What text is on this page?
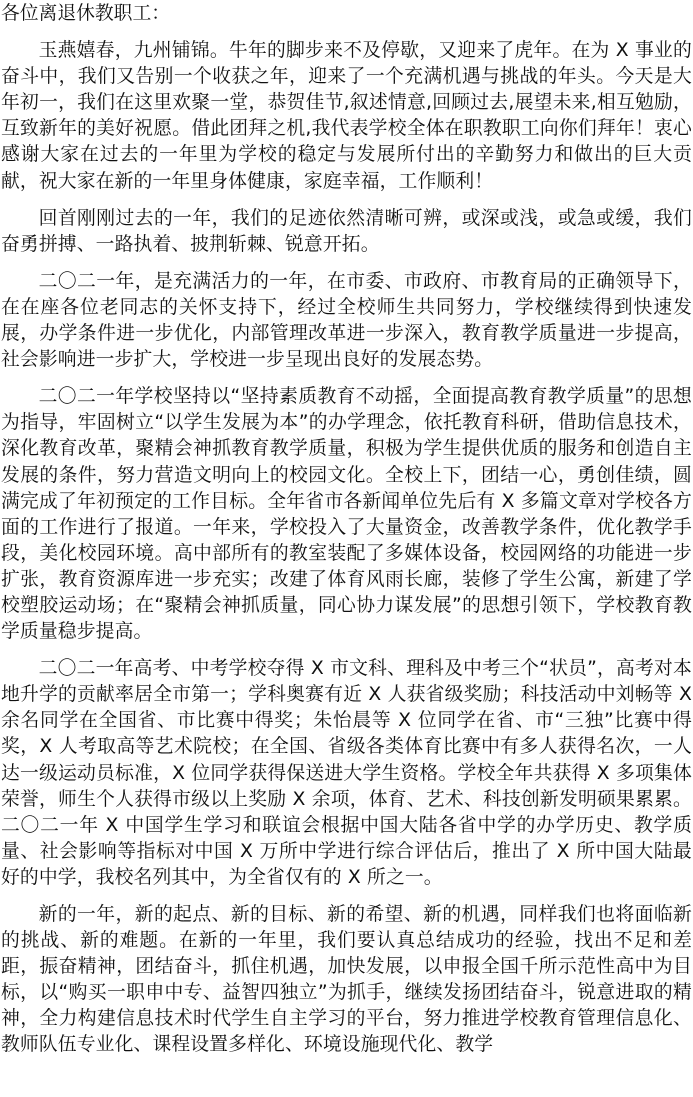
各位离退休教职工：

玉燕嬉春，九州铺锦。牛年的脚步来不及停歇，又迎来了虎年。在为 X 事业的奋斗中，我们又告别一个收获之年，迎来了一个充满机遇与挑战的年头。今天是大年初一，我们在这里欢聚一堂，恭贺佳节,叙述情意,回顾过去,展望未来,相互勉励，互致新年的美好祝愿。借此团拜之机,我代表学校全体在职教职工向你们拜年！衷心感谢大家在过去的一年里为学校的稳定与发展所付出的辛勤努力和做出的巨大贡献，祝大家在新的一年里身体健康，家庭幸福，工作顺利！

回首刚刚过去的一年，我们的足迹依然清晰可辨，或深或浅，或急或缓，我们奋勇拼搏、一路执着、披荆斩棘、锐意开拓。

二〇二一年，是充满活力的一年，在市委、市政府、市教育局的正确领导下，在在座各位老同志的关怀支持下，经过全校师生共同努力，学校继续得到快速发展，办学条件进一步优化，内部管理改革进一步深入，教育教学质量进一步提高，社会影响进一步扩大，学校进一步呈现出良好的发展态势。

二〇二一年学校坚持以“坚持素质教育不动摇，全面提高教育教学质量”的思想为指导，牢固树立“以学生发展为本”的办学理念，依托教育科研，借助信息技术，深化教育改革，聚精会神抓教育教学质量，积极为学生提供优质的服务和创造自主发展的条件，努力营造文明向上的校园文化。全校上下，团结一心，勇创佳绩，圆满完成了年初预定的工作目标。全年省市各新闻单位先后有 X 多篇文章对学校各方面的工作进行了报道。一年来，学校投入了大量资金，改善教学条件，优化教学手段，美化校园环境。高中部所有的教室装配了多媒体设备，校园网络的功能进一步扩张，教育资源库进一步充实；改建了体育风雨长廊，装修了学生公寓，新建了学校塑胶运动场；在“聚精会神抓质量，同心协力谋发展”的思想引领下，学校教育教学质量稳步提高。

二〇二一年高考、中考学校夺得 X 市文科、理科及中考三个“状员”，高考对本地升学的贡献率居全市第一；学科奥赛有近 X 人获省级奖励；科技活动中刘畅等 X 余名同学在全国省、市比赛中得奖；朱怡晨等 X 位同学在省、市“三独”比赛中得奖，X 人考取高等艺术院校；在全国、省级各类体育比赛中有多人获得名次，一人达一级运动员标准，X 位同学获得保送进大学生资格。学校全年共获得 X 多项集体荣誉，师生个人获得市级以上奖励 X 余项，体育、艺术、科技创新发明硕果累累。二〇二一年 X 中国学生学习和联谊会根据中国大陆各省中学的办学历史、教学质量、社会影响等指标对中国 X 万所中学进行综合评估后，推出了 X 所中国大陆最好的中学，我校名列其中，为全省仅有的 X 所之一。

新的一年，新的起点、新的目标、新的希望、新的机遇，同样我们也将面临新的挑战、新的难题。在新的一年里，我们要认真总结成功的经验，找出不足和差距，振奋精神，团结奋斗，抓住机遇，加快发展，以申报全国千所示范性高中为目标，以“购买一职申中专、益智四独立”为抓手，继续发扬团结奋斗，锐意进取的精神，全力构建信息技术时代学生自主学习的平台，努力推进学校教育管理信息化、教师队伍专业化、课程设置多样化、环境设施现代化、教学
